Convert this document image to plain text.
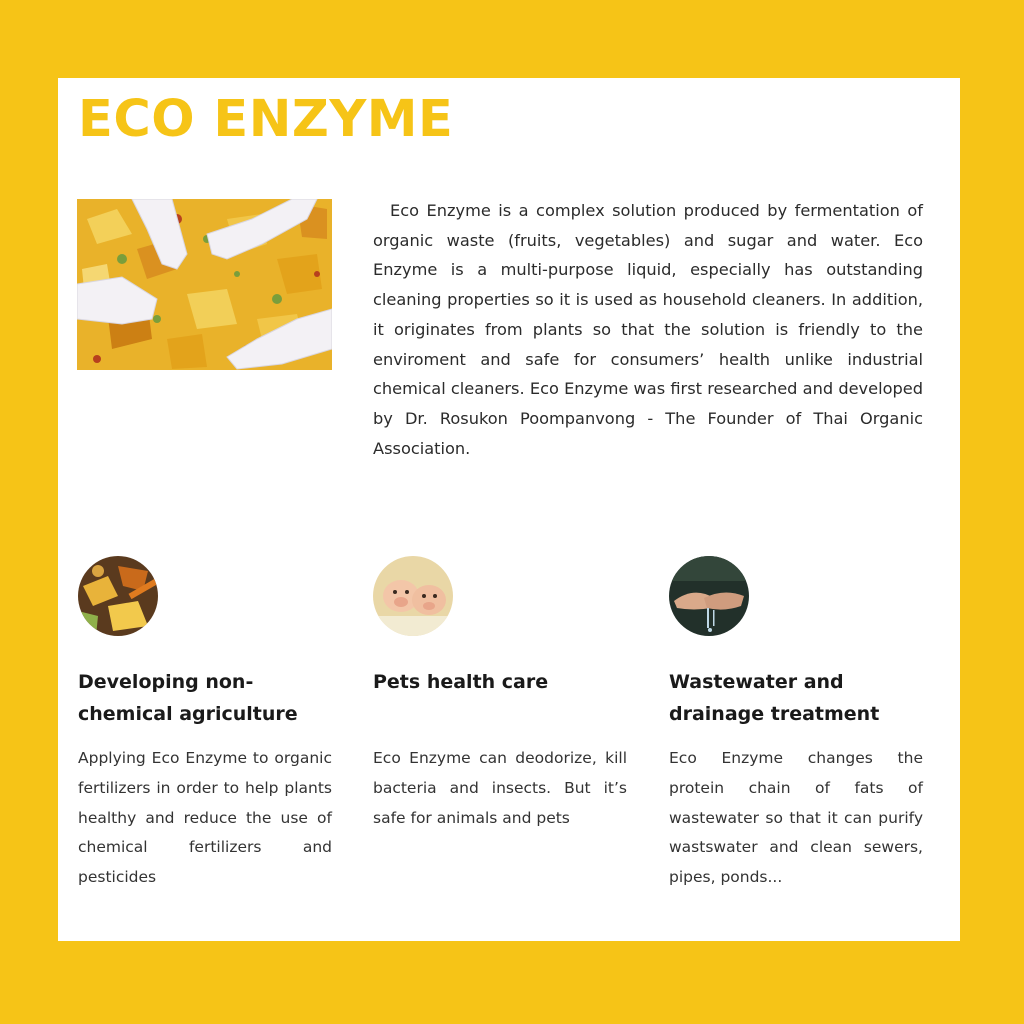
ECO ENZYME

Eco Enzyme is a complex solution produced by fermentation of organic waste (fruits, vegetables) and sugar and water. Eco Enzyme is a multi-purpose liquid, especially has outstanding cleaning properties so it is used as household cleaners. In addition, it originates from plants so that the solution is friendly to the enviroment and safe for consumers’ health unlike industrial chemical cleaners. Eco Enzyme was first researched and developed by Dr. Rosukon Poompanvong - The Founder of Thai Organic Association.

Developing non-chemical agriculture

Applying Eco Enzyme to organic fertilizers in order to help plants healthy and reduce the use of chemical fertilizers and pesticides

Pets health care

Eco Enzyme can deodorize, kill bacteria and insects. But it’s safe for animals and pets

Wastewater and drainage treatment

Eco Enzyme changes the protein chain of fats of wastewater so that it can purify wastswater and clean sewers, pipes, ponds...
